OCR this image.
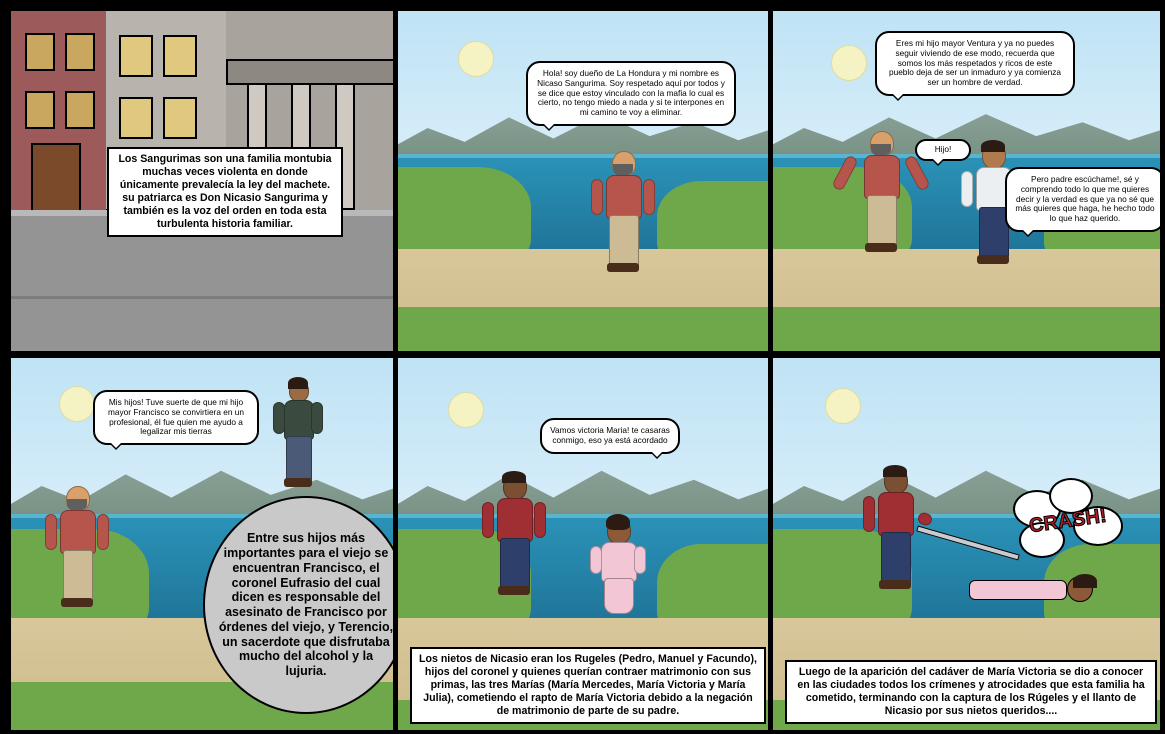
Los Sangurimas son una familia montubia muchas veces violenta en donde únicamente prevalecía la ley del machete. su patriarca es Don Nicasio Sangurima y también es la voz del orden en toda esta turbulenta historia familiar.
Hola! soy dueño de La Hondura y mi nombre es Nicaso Sangurima. Soy respetado aquí por todos y se dice que estoy vinculado con la mafia lo cual es cierto, no tengo miedo a nada y si te interpones en mi camino te voy a eliminar.
Eres mi hijo mayor Ventura y ya no puedes seguir viviendo de ese modo, recuerda que somos los más respetados y ricos de este pueblo deja de ser un inmaduro y ya comienza ser un hombre de verdad.
Hijo!
Pero padre escúchame!, sé y comprendo todo lo que me quieres decir y la verdad es que ya no sé que más quieres que haga, he hecho todo lo que haz querido.
Mis hijos! Tuve suerte de que mi hijo mayor Francisco se convirtiera en un profesional, él fue quien me ayudo a legalizar mis tierras
Entre sus hijos más importantes para el viejo se encuentran Francisco, el coronel Eufrasio del cual dicen es responsable del asesinato de Francisco por órdenes del viejo, y Terencio, un sacerdote que disfrutaba mucho del alcohol y la lujuria.
Vamos victoria Maria! te casaras conmigo, eso ya está acordado
Los nietos de Nicasio eran los Rugeles (Pedro, Manuel y Facundo), hijos del coronel y quienes querían contraer matrimonio con sus primas, las tres Marías (María Mercedes, María Victoria y María Julia), cometiendo el rapto de María Victoria debido a la negación de matrimonio de parte de su padre.
CRASH!
Luego de la aparición del cadáver de María Victoria se dio a conocer en las ciudades todos los crímenes y atrocidades que esta familia ha cometido, terminando con la captura de los Rúgeles y el llanto de Nicasio por sus nietos queridos....
